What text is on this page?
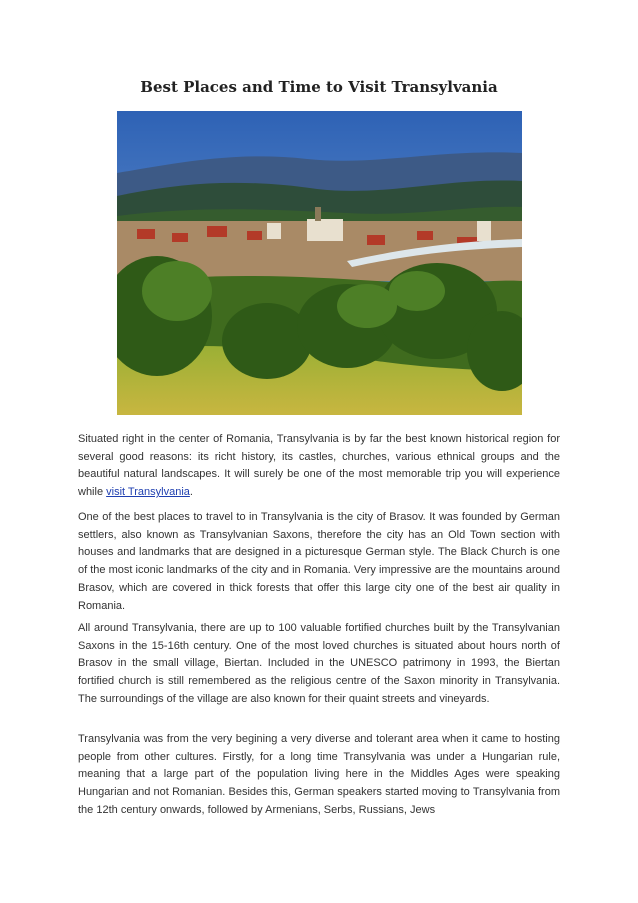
Best Places and Time to Visit Transylvania

Situated right in the center of Romania, Transylvania is by far the best known historical region for several good reasons: its richt history, its castles, churches, various ethnical groups and the beautiful natural landscapes. It will surely be one of the most memorable trip you will experience while visit Transylvania.

One of the best places to travel to in Transylvania is the city of Brasov. It was founded by German settlers, also known as Transylvanian Saxons, therefore the city has an Old Town section with houses and landmarks that are designed in a picturesque German style. The Black Church is one of the most iconic landmarks of the city and in Romania. Very impressive are the mountains around Brasov, which are covered in thick forests that offer this large city one of the best air quality in Romania.

All around Transylvania, there are up to 100 valuable fortified churches built by the Transylvanian Saxons in the 15-16th century. One of the most loved churches is situated about hours north of Brasov in the small village, Biertan. Included in the UNESCO patrimony in 1993, the Biertan fortified church is still remembered as the religious centre of the Saxon minority in Transylvania. The surroundings of the village are also known for their quaint streets and vineyards.

Transylvania was from the very begining a very diverse and tolerant area when it came to hosting people from other cultures. Firstly, for a long time Transylvania was under a Hungarian rule, meaning that a large part of the population living here in the Middles Ages were speaking Hungarian and not Romanian. Besides this, German speakers started moving to Transylvania from the 12th century onwards, followed by Armenians, Serbs, Russians, Jews
